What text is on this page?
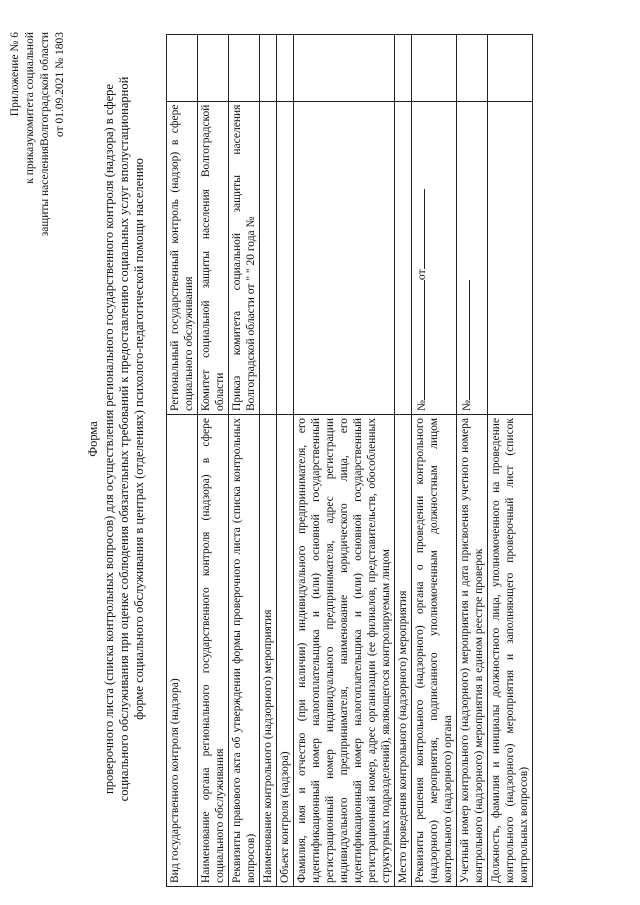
Приложение № 6 к приказукомитета социальной защиты населенияВолгоградской области от 01.09.2021 № 1803
Форма проверочного листа (списка контрольных вопросов) для осуществления регионального государственного контроля (надзора) в сфере социального обслуживания при оценке соблюдения обязательных требований к предоставлению социальных услуг вполустационарной форме социального обслуживания в центрах (отделениях) психолого-педагогической помощи населению
Вид государственного контроля (надзора)	Региональный государственный контроль (надзор) в сфере социального обслуживания	
Наименование органа регионального государственного контроля (надзора) в сфере социального обслуживания	Комитет социальной защиты населения Волгоградской области	
Реквизиты правового акта об утверждении формы проверочного листа (списка контрольных вопросов)	Приказ комитета социальной защиты населения Волгоградской области от " " 20 года №	
Наименование контрольного (надзорного) мероприятия		
Объект контроля (надзора)		
Фамилия, имя и отчество (при наличии) индивидуального предпринимателя, его идентификационный номер налогоплательщика и (или) основной государственный регистрационный номер индивидуального предпринимателя, адрес регистрации индивидуального предпринимателя, наименование юридического лица, его идентификационный номер налогоплательщика и (или) основной государственный регистрационный номер, адрес организации (ее филиалов, представительств, обособленных структурных подразделений), являющегося контролируемым лицом		
Место проведения контрольного (надзорного) мероприятия		
Реквизиты решения контрольного (надзорного) органа о проведении контрольного (надзорного) мероприятия, подписанного уполномоченным должностным лицом контрольного (надзорного) органа	№от	
Учетный номер контрольного (надзорного) мероприятия и дата присвоения учетного номера контрольного (надзорного) мероприятия в едином реестре проверок	№	
Должность, фамилия и инициалы должностного лица, уполномоченного на проведение контрольного (надзорного) мероприятия и заполняющего проверочный лист (список контрольных вопросов)		
